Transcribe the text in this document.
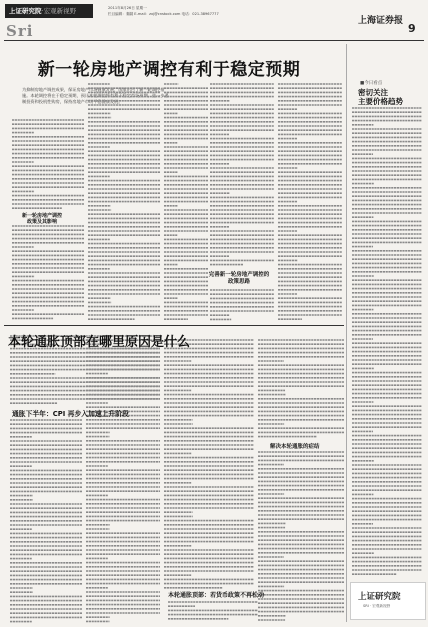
上证研究院·宏观新视野
Sri
2011年8月26日 星期一
栏目编辑：秦嗣 E-mail：zxj@cnstock.com 电话：021-38967777
上海证券报
9
新一轮房地产调控有利于稳定预期
为抑制房地产调控成果，保证房地产市场健康发展，国家出台了新一轮调控措施。本轮调控将在于稳定预期，预计本轮调控将有利于稳定市场预期，进一步遏制投资和投机性购房，保持房地产市场平稳健康发展。
新一轮房地产调控政策及其影响
完善新一轮房地产调控的政策思路
本轮通胀顶部在哪里原因是什么
通胀下半年：CPI 再步入加速上升阶段
解决本轮通胀的症结
本轮通胀顶部：若货币政策不再松动
■今日看点
密切关注
主要价格趋势
上证研究院
SRI · 宏观新视野
